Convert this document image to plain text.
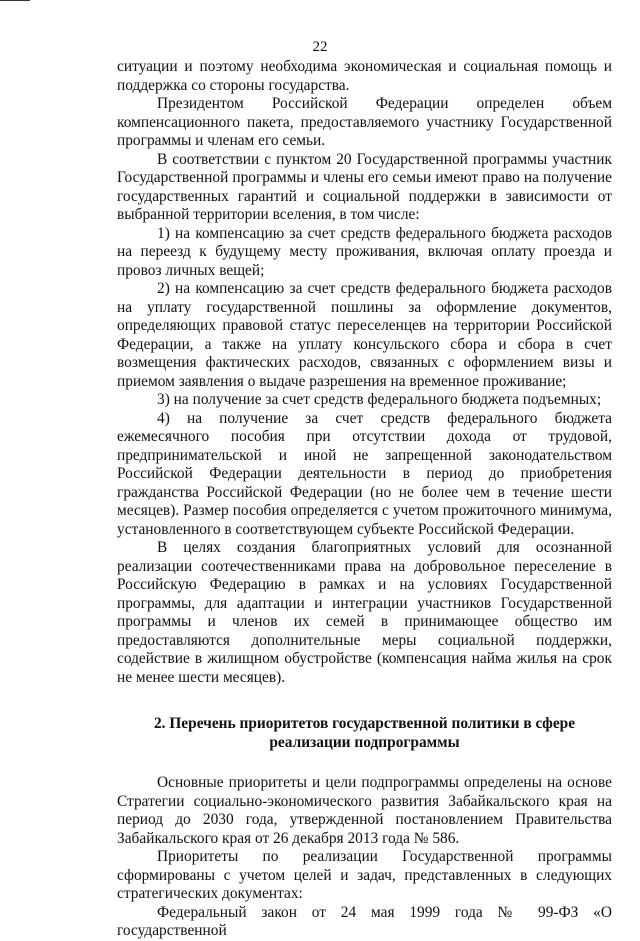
22

ситуации и поэтому необходима экономическая и социальная помощь и поддержка со стороны государства.

Президентом Российской Федерации определен объем компенсационного пакета, предоставляемого участнику Государственной программы и членам его семьи.

В соответствии с пунктом 20 Государственной программы участник Государственной программы и члены его семьи имеют право на получение государственных гарантий и социальной поддержки в зависимости от выбранной территории вселения, в том числе:

1) на компенсацию за счет средств федерального бюджета расходов на переезд к будущему месту проживания, включая оплату проезда и провоз личных вещей;

2) на компенсацию за счет средств федерального бюджета расходов на уплату государственной пошлины за оформление документов, определяющих правовой статус переселенцев на территории Российской Федерации, а также на уплату консульского сбора и сбора в счет возмещения фактических расходов, связанных с оформлением визы и приемом заявления о выдаче разрешения на временное проживание;

3) на получение за счет средств федерального бюджета подъемных;

4) на получение за счет средств федерального бюджета ежемесячного пособия при отсутствии дохода от трудовой, предпринимательской и иной не запрещенной законодательством Российской Федерации деятельности в период до приобретения гражданства Российской Федерации (но не более чем в течение шести месяцев). Размер пособия определяется с учетом прожиточного минимума, установленного в соответствующем субъекте Российской Федерации.

В целях создания благоприятных условий для осознанной реализации соотечественниками права на добровольное переселение в Российскую Федерацию в рамках и на условиях Государственной программы, для адаптации и интеграции участников Государственной программы и членов их семей в принимающее общество им предоставляются дополнительные меры социальной поддержки, содействие в жилищном обустройстве (компенсация найма жилья на срок не менее шести месяцев).

2. Перечень приоритетов государственной политики в сфере реализации подпрограммы

Основные приоритеты и цели подпрограммы определены на основе Стратегии социально-экономического развития Забайкальского края на период до 2030 года, утвержденной постановлением Правительства Забайкальского края от 26 декабря 2013 года № 586.

Приоритеты по реализации Государственной программы сформированы с учетом целей и задач, представленных в следующих стратегических документах:

Федеральный закон от 24 мая 1999 года № 99-ФЗ «О государственной
